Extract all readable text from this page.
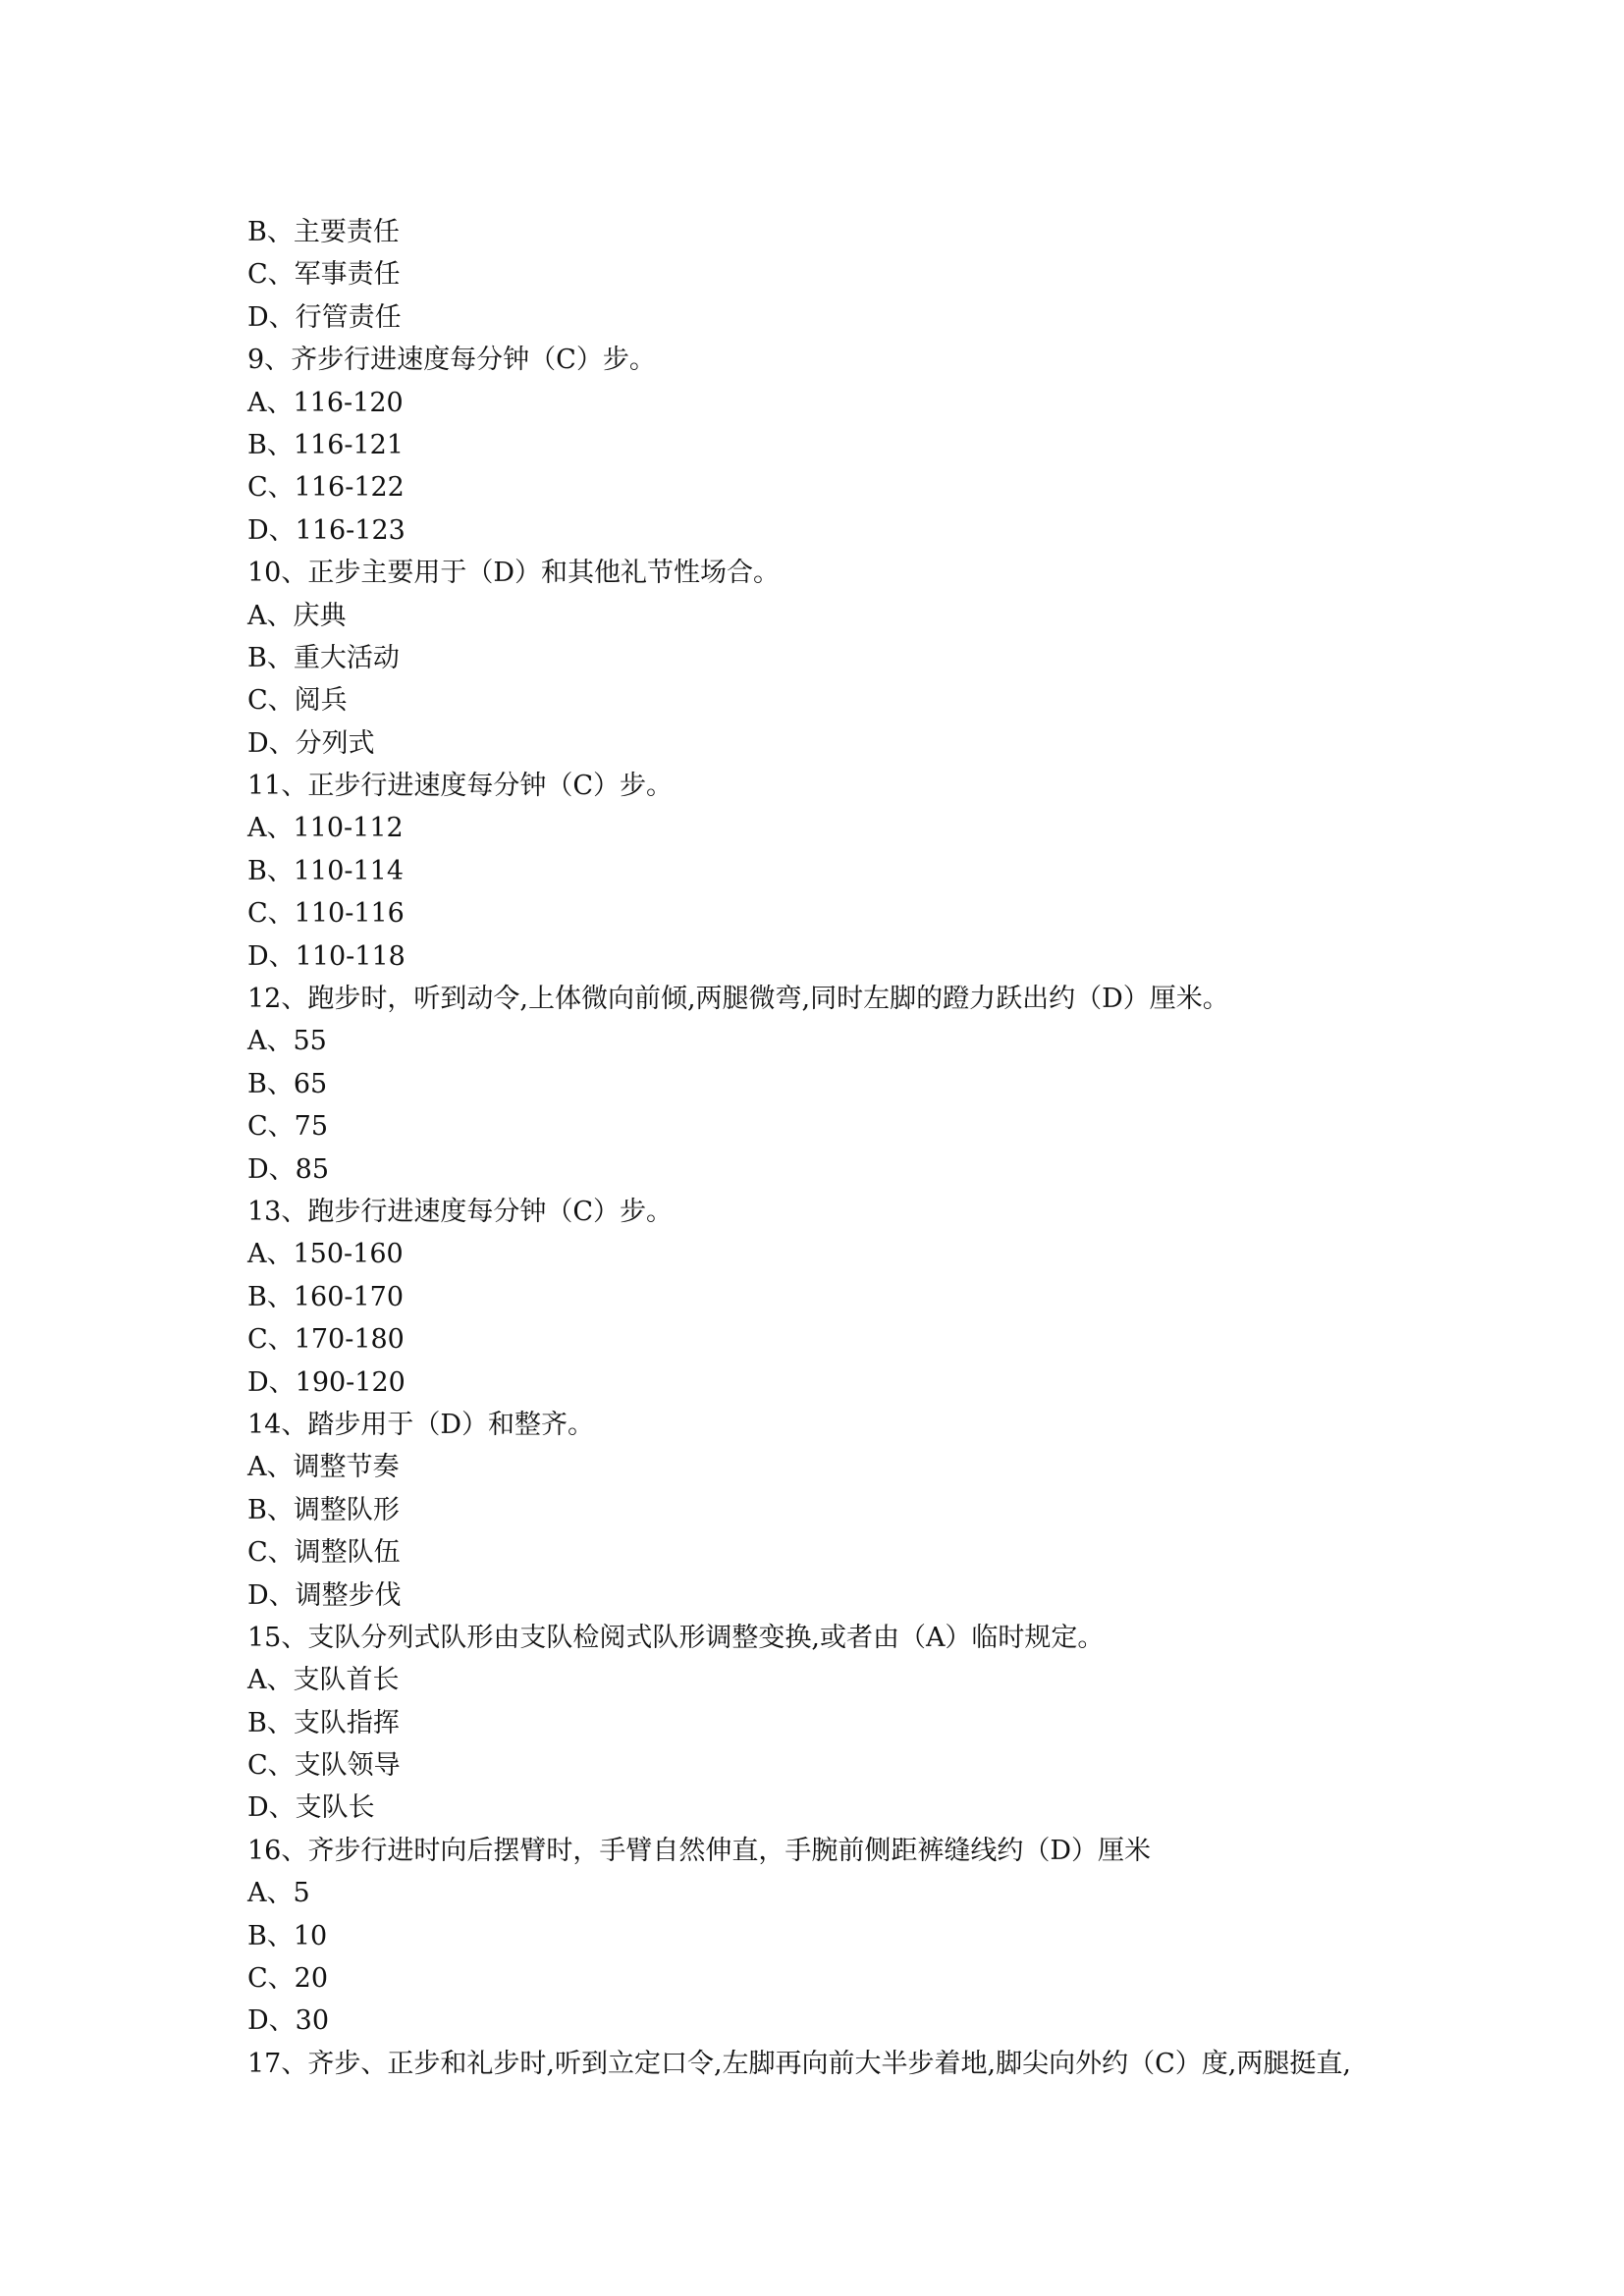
B、主要责任
C、军事责任
D、行管责任
9、齐步行进速度每分钟（C）步。
A、116-120
B、116-121
C、116-122
D、116-123
10、正步主要用于（D）和其他礼节性场合。
A、庆典
B、重大活动
C、阅兵
D、分列式
11、正步行进速度每分钟（C）步。
A、110-112
B、110-114
C、110-116
D、110-118
12、跑步时，听到动令,上体微向前倾,两腿微弯,同时左脚的蹬力跃出约（D）厘米。
A、55
B、65
C、75
D、85
13、跑步行进速度每分钟（C）步。
A、150-160
B、160-170
C、170-180
D、190-120
14、踏步用于（D）和整齐。
A、调整节奏
B、调整队形
C、调整队伍
D、调整步伐
15、支队分列式队形由支队检阅式队形调整变换,或者由（A）临时规定。
A、支队首长
B、支队指挥
C、支队领导
D、支队长
16、齐步行进时向后摆臂时，手臂自然伸直，手腕前侧距裤缝线约（D）厘米
A、5
B、10
C、20
D、30
17、齐步、正步和礼步时,听到立定口令,左脚再向前大半步着地,脚尖向外约（C）度,两腿挺直,
